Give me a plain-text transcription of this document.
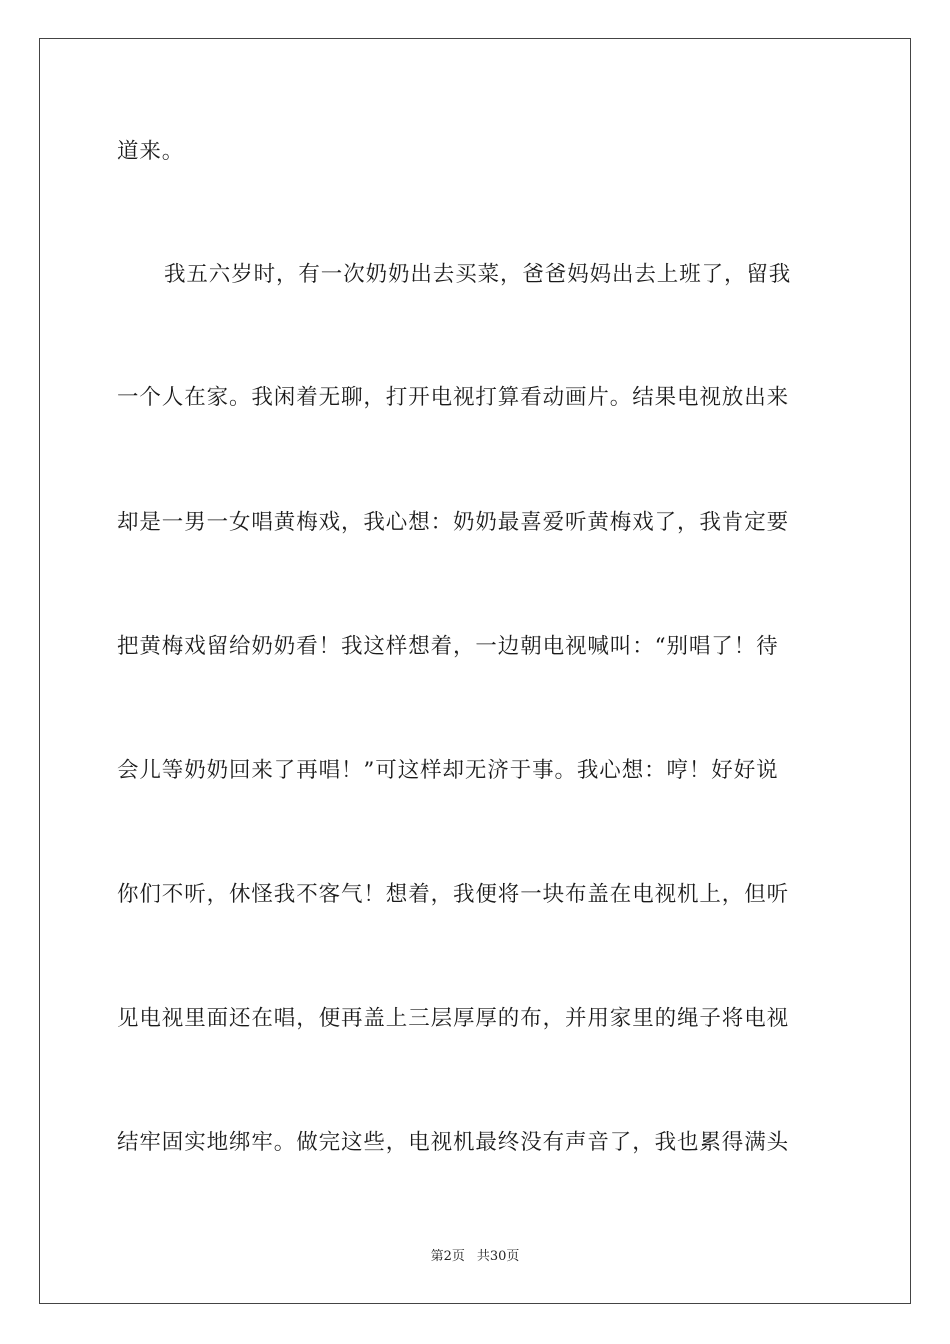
道来。
我五六岁时，有一次奶奶出去买菜，爸爸妈妈出去上班了，留我
一个人在家。我闲着无聊，打开电视打算看动画片。结果电视放出来
却是一男一女唱黄梅戏，我心想：奶奶最喜爱听黄梅戏了，我肯定要
把黄梅戏留给奶奶看！我这样想着，一边朝电视喊叫：“别唱了！待
会儿等奶奶回来了再唱！”可这样却无济于事。我心想：哼！好好说
你们不听，休怪我不客气！想着，我便将一块布盖在电视机上，但听
见电视里面还在唱，便再盖上三层厚厚的布，并用家里的绳子将电视
结牢固实地绑牢。做完这些，电视机最终没有声音了，我也累得满头
第2页 共30页
